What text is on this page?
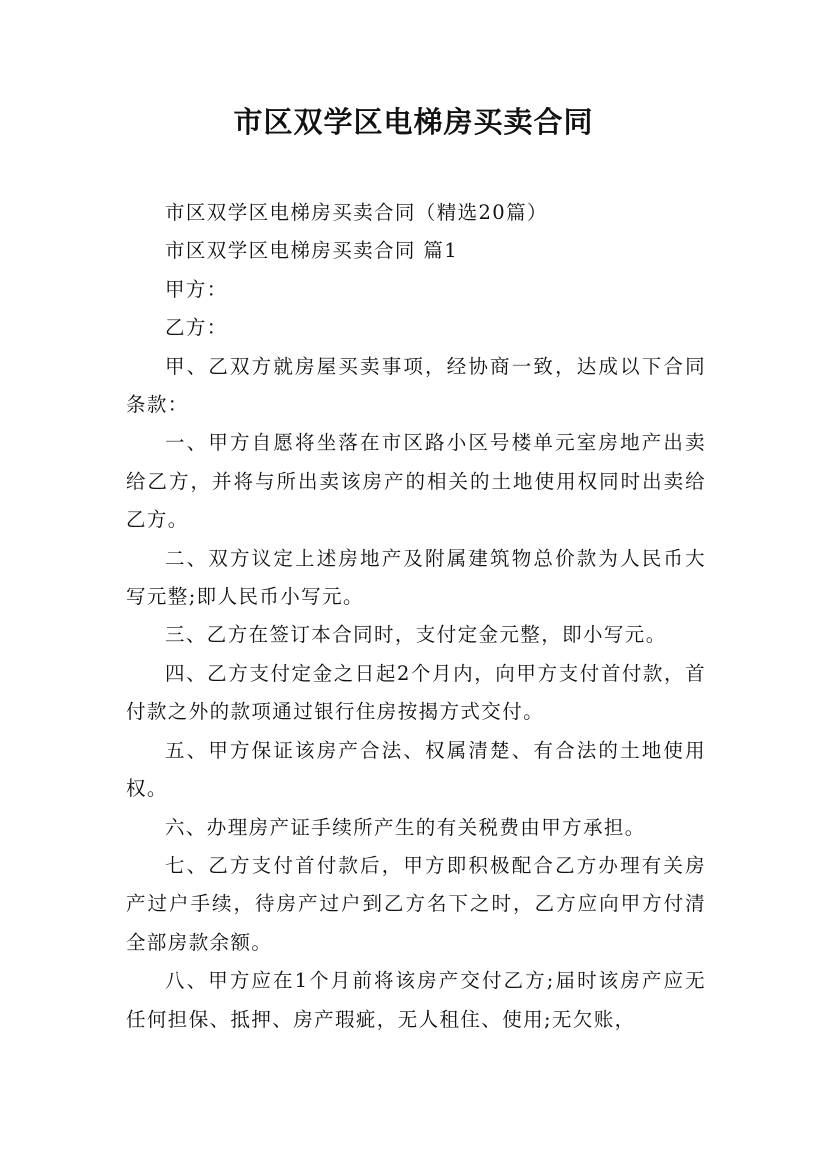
市区双学区电梯房买卖合同

市区双学区电梯房买卖合同（精选20篇）

市区双学区电梯房买卖合同 篇1

甲方：

乙方：

甲、乙双方就房屋买卖事项，经协商一致，达成以下合同条款：

一、甲方自愿将坐落在市区路小区号楼单元室房地产出卖给乙方，并将与所出卖该房产的相关的土地使用权同时出卖给乙方。

二、双方议定上述房地产及附属建筑物总价款为人民币大写元整;即人民币小写元。

三、乙方在签订本合同时，支付定金元整，即小写元。

四、乙方支付定金之日起2个月内，向甲方支付首付款，首付款之外的款项通过银行住房按揭方式交付。

五、甲方保证该房产合法、权属清楚、有合法的土地使用权。

六、办理房产证手续所产生的有关税费由甲方承担。

七、乙方支付首付款后，甲方即积极配合乙方办理有关房产过户手续，待房产过户到乙方名下之时，乙方应向甲方付清全部房款余额。

八、甲方应在1个月前将该房产交付乙方;届时该房产应无任何担保、抵押、房产瑕疵，无人租住、使用;无欠账，
